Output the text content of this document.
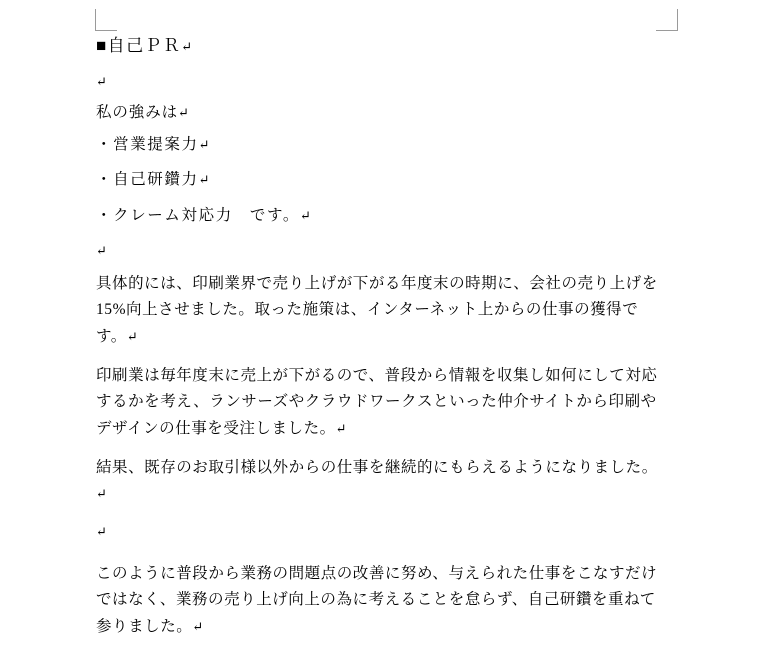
■自己ＰＲ↵

↵

私の強みは↵

・営業提案力↵

・自己研鑽力↵

・クレーム対応力　です。↵

↵

具体的には、印刷業界で売り上げが下がる年度末の時期に、会社の売り上げを 15%向上させました。取った施策は、インターネット上からの仕事の獲得です。↵

印刷業は毎年度末に売上が下がるので、普段から情報を収集し如何にして対応するかを考え、ランサーズやクラウドワークスといった仲介サイトから印刷やデザインの仕事を受注しました。↵

結果、既存のお取引様以外からの仕事を継続的にもらえるようになりました。↵

↵

このように普段から業務の問題点の改善に努め、与えられた仕事をこなすだけではなく、業務の売り上げ向上の為に考えることを怠らず、自己研鑽を重ねて参りました。↵
